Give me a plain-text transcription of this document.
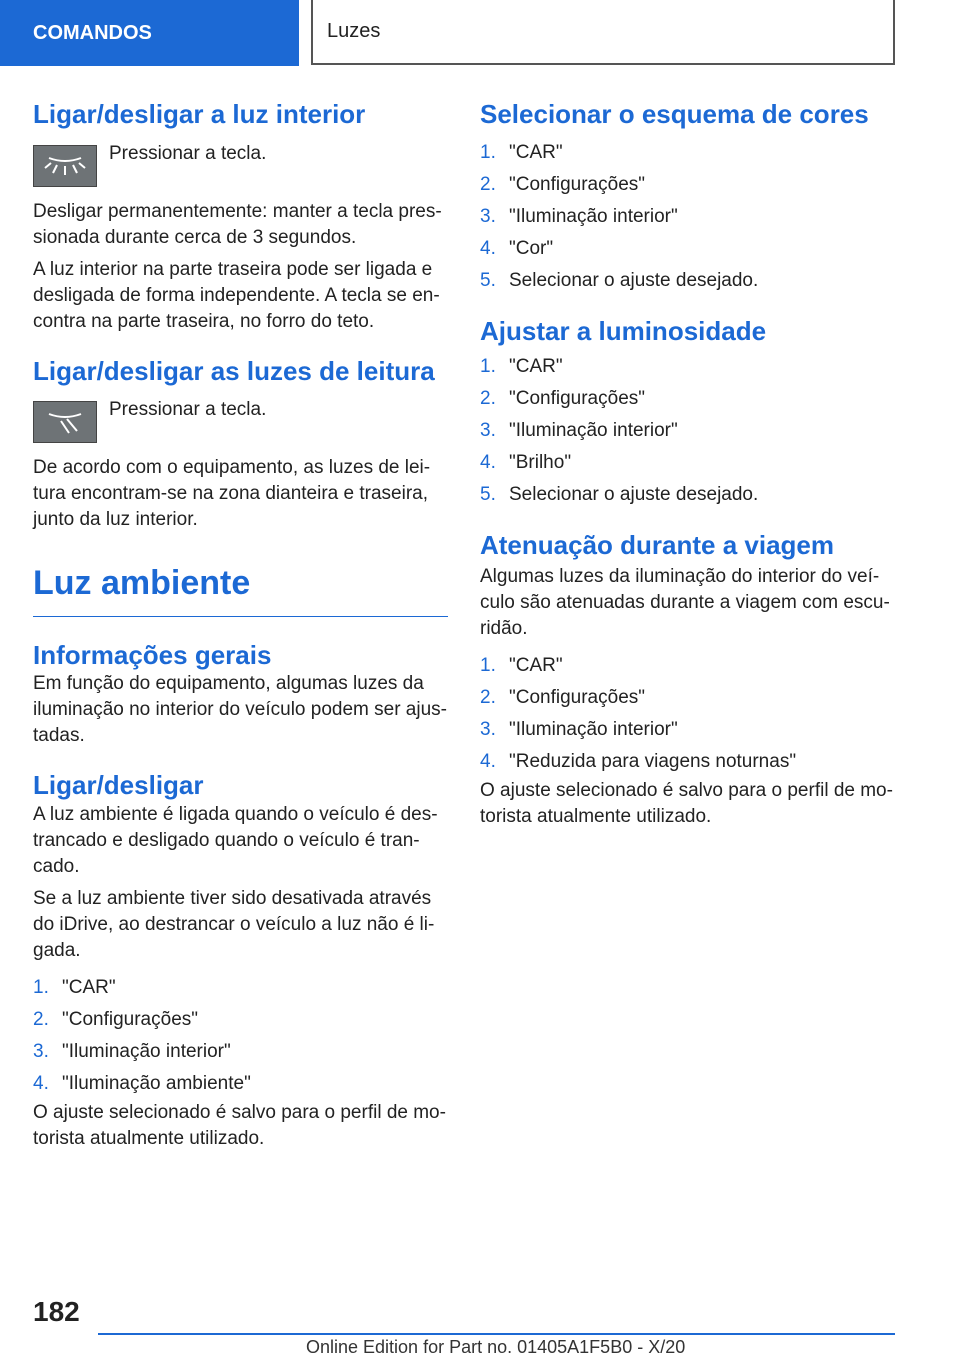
COMANDOS	Luzes
Ligar/desligar a luz interior

Pressionar a tecla.

Desligar permanentemente: manter a tecla pres-sionada durante cerca de 3 segundos.

A luz interior na parte traseira pode ser ligada e desligada de forma independente. A tecla se en-contra na parte traseira, no forro do teto.

Ligar/desligar as luzes de leitura

Pressionar a tecla.

De acordo com o equipamento, as luzes de lei-tura encontram-se na zona dianteira e traseira, junto da luz interior.

Luz ambiente
Informações gerais

Em função do equipamento, algumas luzes da iluminação no interior do veículo podem ser ajus-tadas.

Ligar/desligar

A luz ambiente é ligada quando o veículo é des-trancado e desligado quando o veículo é tran-cado.

Se a luz ambiente tiver sido desativada através do iDrive, ao destrancar o veículo a luz não é li-gada.

1. "CAR"
2. "Configurações"
3. "Iluminação interior"
4. "Iluminação ambiente"

O ajuste selecionado é salvo para o perfil de mo-torista atualmente utilizado.

Selecionar o esquema de cores
1. "CAR"
2. "Configurações"
3. "Iluminação interior"
4. "Cor"
5. Selecionar o ajuste desejado.
Ajustar a luminosidade
1. "CAR"
2. "Configurações"
3. "Iluminação interior"
4. "Brilho"
5. Selecionar o ajuste desejado.
Atenuação durante a viagem

Algumas luzes da iluminação do interior do veí-culo são atenuadas durante a viagem com escu-ridão.

1. "CAR"
2. "Configurações"
3. "Iluminação interior"
4. "Reduzida para viagens noturnas"

O ajuste selecionado é salvo para o perfil de mo-torista atualmente utilizado.

182
Online Edition for Part no. 01405A1F5B0 - X/20
